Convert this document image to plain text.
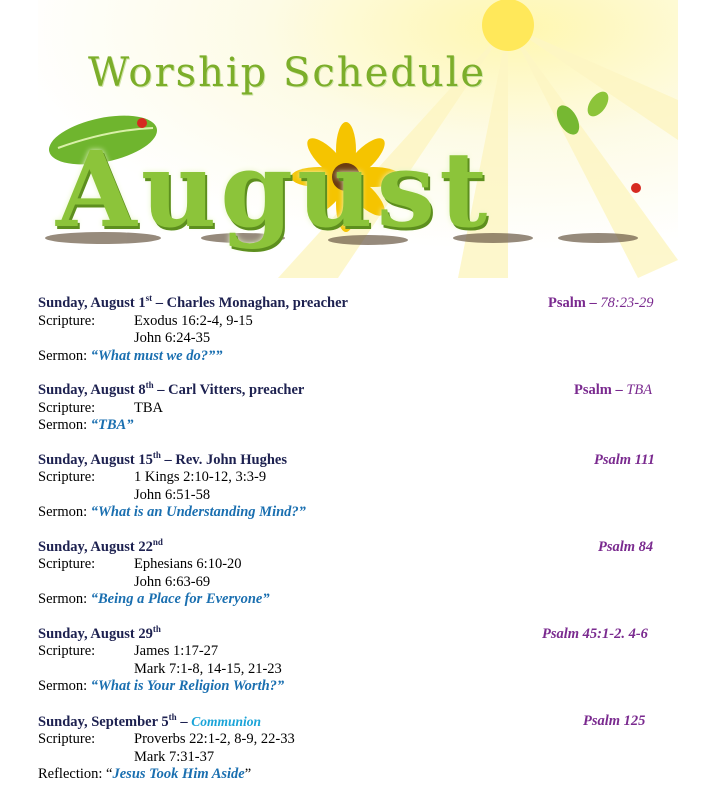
Worship Schedule
August
Sunday, August 1st – Charles Monaghan, preacher	Psalm – 78:23-29
Scripture:	Exodus 16:2-4, 9-15
John 6:24-35
Sermon: “What must we do?””
Sunday, August 8th – Carl Vitters, preacher	Psalm – TBA
Scripture:	TBA
Sermon: “TBA”
Sunday, August 15th – Rev. John Hughes	Psalm 111
Scripture:	1 Kings 2:10-12, 3:3-9
John 6:51-58
Sermon: “What is an Understanding Mind?”
Sunday, August 22nd	Psalm 84
Scripture:	Ephesians 6:10-20
John 6:63-69
Sermon: “Being a Place for Everyone”
Sunday, August 29th	Psalm 45:1-2. 4-6
Scripture:	James 1:17-27
Mark 7:1-8, 14-15, 21-23
Sermon: “What is Your Religion Worth?”
Sunday, September 5th – Communion	Psalm 125
Scripture:	Proverbs 22:1-2, 8-9, 22-33
Mark 7:31-37
Reflection: “Jesus Took Him Aside”
